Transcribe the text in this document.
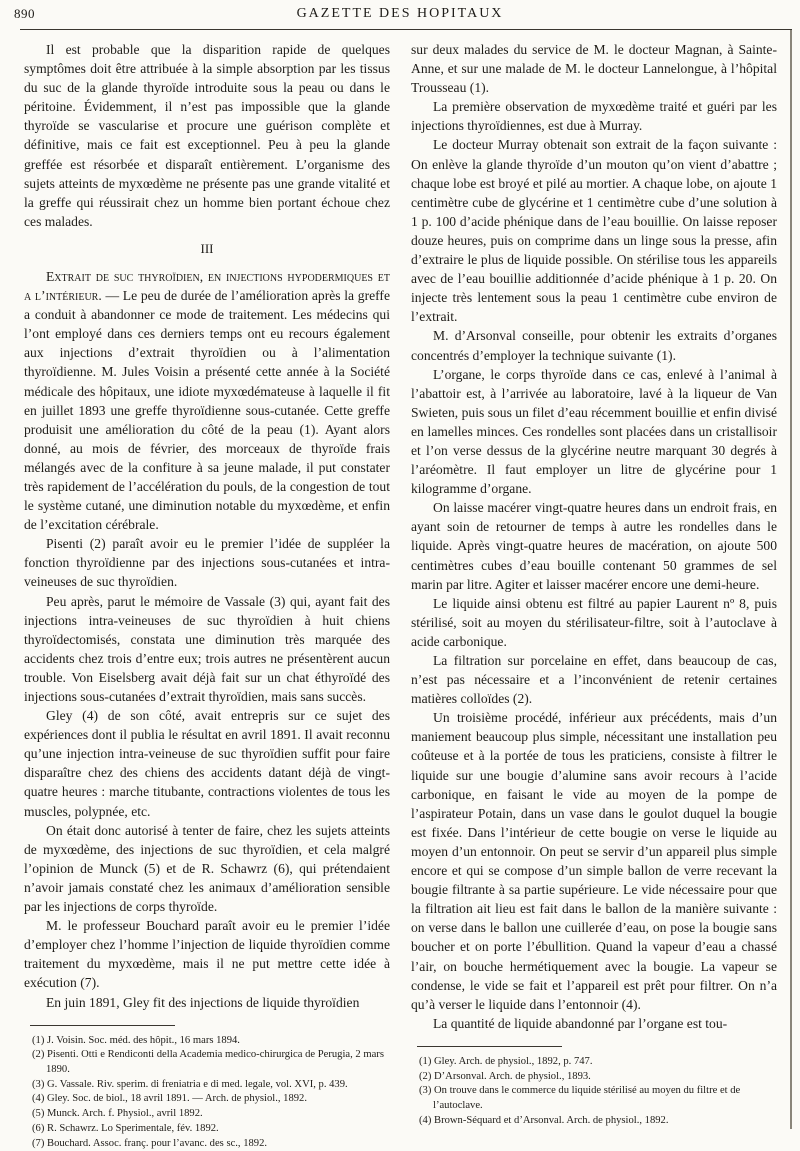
890	GAZETTE DES HOPITAUX

Il est probable que la disparition rapide de quelques symptômes doit être attribuée à la simple absorption par les tissus du suc de la glande thyroïde introduite sous la peau ou dans le péritoine. Évidemment, il n’est pas impossible que la glande thyroïde se vascularise et procure une guérison complète et définitive, mais ce fait est exceptionnel. Peu à peu la glande greffée est résorbée et disparaît entièrement. L’organisme des sujets atteints de myxœdème ne présente pas une grande vitalité et la greffe qui réussirait chez un homme bien portant échoue chez ces malades.

III

Extrait de suc thyroïdien, en injections hypodermiques et a l’intérieur. — Le peu de durée de l’amélioration après la greffe a conduit à abandonner ce mode de traitement. Les médecins qui l’ont employé dans ces derniers temps ont eu recours également aux injections d’extrait thyroïdien ou à l’alimentation thyroïdienne. M. Jules Voisin a présenté cette année à la Société médicale des hôpitaux, une idiote myxœdémateuse à laquelle il fit en juillet 1893 une greffe thyroïdienne sous-cutanée. Cette greffe produisit une amélioration du côté de la peau (1). Ayant alors donné, au mois de février, des morceaux de thyroïde frais mélangés avec de la confiture à sa jeune malade, il put constater très rapidement de l’accélération du pouls, de la congestion de tout le système cutané, une diminution notable du myxœdème, et enfin de l’excitation cérébrale.

Pisenti (2) paraît avoir eu le premier l’idée de suppléer la fonction thyroïdienne par des injections sous-cutanées et intra-veineuses de suc thyroïdien.

Peu après, parut le mémoire de Vassale (3) qui, ayant fait des injections intra-veineuses de suc thyroïdien à huit chiens thyroïdectomisés, constata une diminution très marquée des accidents chez trois d’entre eux; trois autres ne présentèrent aucun trouble. Von Eiselsberg avait déjà fait sur un chat éthyroïdé des injections sous-cutanées d’extrait thyroïdien, mais sans succès.

Gley (4) de son côté, avait entrepris sur ce sujet des expériences dont il publia le résultat en avril 1891. Il avait reconnu qu’une injection intra-veineuse de suc thyroïdien suffit pour faire disparaître chez des chiens des accidents datant déjà de vingt-quatre heures : marche titubante, contractions violentes de tous les muscles, polypnée, etc.

On était donc autorisé à tenter de faire, chez les sujets atteints de myxœdème, des injections de suc thyroïdien, et cela malgré l’opinion de Munck (5) et de R. Schawrz (6), qui prétendaient n’avoir jamais constaté chez les animaux d’amélioration sensible par les injections de corps thyroïde.

M. le professeur Bouchard paraît avoir eu le premier l’idée d’employer chez l’homme l’injection de liquide thyroïdien comme traitement du myxœdème, mais il ne put mettre cette idée à exécution (7).

En juin 1891, Gley fit des injections de liquide thyroïdien

(1) J. Voisin. Soc. méd. des hôpit., 16 mars 1894.

(2) Pisenti. Otti e Rendiconti della Academia medico-chirurgica de Perugia, 2 mars 1890.

(3) G. Vassale. Riv. sperim. di freniatria e di med. legale, vol. XVI, p. 439.

(4) Gley. Soc. de biol., 18 avril 1891. — Arch. de physiol., 1892.

(5) Munck. Arch. f. Physiol., avril 1892.

(6) R. Schawrz. Lo Sperimentale, fév. 1892.

(7) Bouchard. Assoc. franç. pour l’avanc. des sc., 1892.

sur deux malades du service de M. le docteur Magnan, à Sainte-Anne, et sur une malade de M. le docteur Lannelongue, à l’hôpital Trousseau (1).

La première observation de myxœdème traité et guéri par les injections thyroïdiennes, est due à Murray.

Le docteur Murray obtenait son extrait de la façon suivante : On enlève la glande thyroïde d’un mouton qu’on vient d’abattre ; chaque lobe est broyé et pilé au mortier. A chaque lobe, on ajoute 1 centimètre cube de glycérine et 1 centimètre cube d’une solution à 1 p. 100 d’acide phénique dans de l’eau bouillie. On laisse reposer douze heures, puis on comprime dans un linge sous la presse, afin d’extraire le plus de liquide possible. On stérilise tous les appareils avec de l’eau bouillie additionnée d’acide phénique à 1 p. 20. On injecte très lentement sous la peau 1 centimètre cube environ de l’extrait.

M. d’Arsonval conseille, pour obtenir les extraits d’organes concentrés d’employer la technique suivante (1).

L’organe, le corps thyroïde dans ce cas, enlevé à l’animal à l’abattoir est, à l’arrivée au laboratoire, lavé à la liqueur de Van Swieten, puis sous un filet d’eau récemment bouillie et enfin divisé en lamelles minces. Ces rondelles sont placées dans un cristallisoir et l’on verse dessus de la glycérine neutre marquant 30 degrés à l’aréomètre. Il faut employer un litre de glycérine pour 1 kilogramme d’organe.

On laisse macérer vingt-quatre heures dans un endroit frais, en ayant soin de retourner de temps à autre les rondelles dans le liquide. Après vingt-quatre heures de macération, on ajoute 500 centimètres cubes d’eau bouille contenant 50 grammes de sel marin par litre. Agiter et laisser macérer encore une demi-heure.

Le liquide ainsi obtenu est filtré au papier Laurent nº 8, puis stérilisé, soit au moyen du stérilisateur-filtre, soit à l’autoclave à acide carbonique.

La filtration sur porcelaine en effet, dans beaucoup de cas, n’est pas nécessaire et a l’inconvénient de retenir certaines matières colloïdes (2).

Un troisième procédé, inférieur aux précédents, mais d’un maniement beaucoup plus simple, nécessitant une installation peu coûteuse et à la portée de tous les praticiens, consiste à filtrer le liquide sur une bougie d’alumine sans avoir recours à l’acide carbonique, en faisant le vide au moyen de la pompe de l’aspirateur Potain, dans un vase dans le goulot duquel la bougie est fixée. Dans l’intérieur de cette bougie on verse le liquide au moyen d’un entonnoir. On peut se servir d’un appareil plus simple encore et qui se compose d’un simple ballon de verre recevant la bougie filtrante à sa partie supérieure. Le vide nécessaire pour que la filtration ait lieu est fait dans le ballon de la manière suivante : on verse dans le ballon une cuillerée d’eau, on pose la bougie sans boucher et on porte l’ébullition. Quand la vapeur d’eau a chassé l’air, on bouche hermétiquement avec la bougie. La vapeur se condense, le vide se fait et l’appareil est prêt pour filtrer. On n’a qu’à verser le liquide dans l’entonnoir (4).

La quantité de liquide abandonné par l’organe est tou-

(1) Gley. Arch. de physiol., 1892, p. 747.

(2) D’Arsonval. Arch. de physiol., 1893.

(3) On trouve dans le commerce du liquide stérilisé au moyen du filtre et de l’autoclave.

(4) Brown-Séquard et d’Arsonval. Arch. de physiol., 1892.
